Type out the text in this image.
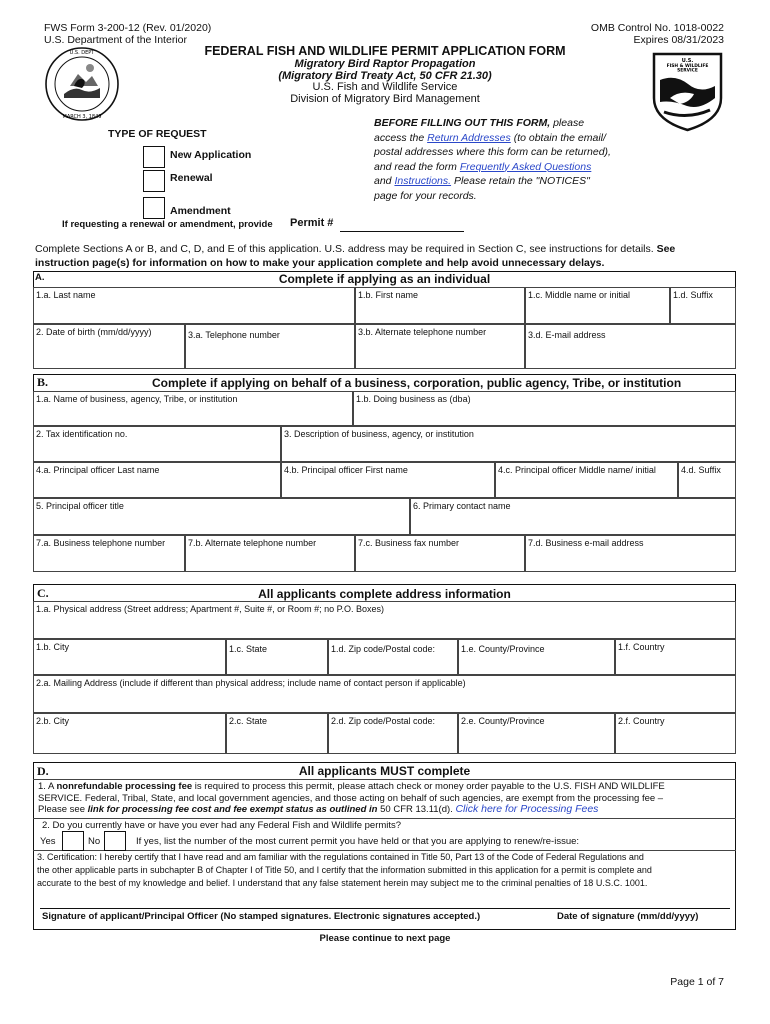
FWS Form 3-200-12 (Rev. 01/2020)
U.S. Department of the Interior
OMB Control No. 1018-0022
Expires 08/31/2023
U.S. DEPT
MARCH 3, 1849
U.S.
FISH & WILDLIFE
SERVICE
FEDERAL FISH AND WILDLIFE PERMIT APPLICATION FORM
Migratory Bird Raptor Propagation
(Migratory Bird Treaty Act, 50 CFR 21.30)
U.S. Fish and Wildlife Service
Division of Migratory Bird Management
TYPE OF REQUEST
New Application
Renewal
Amendment
If requesting a renewal or amendment, provide Permit #
BEFORE FILLING OUT THIS FORM, please
access the Return Addresses (to obtain the email/
postal addresses where this form can be returned),
and read the form Frequently Asked Questions
and Instructions. Please retain the "NOTICES"
page for your records.
Complete Sections A or B, and C, D, and E of this application. U.S. address may be required in Section C, see instructions for details. See
instruction page(s) for information on how to make your application complete and help avoid unnecessary delays.
A.	Complete if applying as an individual
1.a. Last name	1.b. First name	1.c. Middle name or initial	1.d. Suffix
2. Date of birth (mm/dd/yyyy)	3.a. Telephone number	3.b. Alternate telephone number	3.d. E-mail address
B.	Complete if applying on behalf of a business, corporation, public agency, Tribe, or institution
1.a. Name of business, agency, Tribe, or institution	1.b. Doing business as (dba)
2. Tax identification no.	3. Description of business, agency, or institution
4.a. Principal officer Last name	4.b. Principal officer First name	4.c. Principal officer Middle name/ initial	4.d. Suffix
5. Principal officer title	6. Primary contact name
7.a. Business telephone number	7.b. Alternate telephone number	7.c. Business fax number	7.d. Business e-mail address
C.	All applicants complete address information
1.a. Physical address (Street address; Apartment #, Suite #, or Room #; no P.O. Boxes)
1.b. City	1.c. State	1.d. Zip code/Postal code:	1.e. County/Province	1.f. Country
2.a. Mailing Address (include if different than physical address; include name of contact person if applicable)
2.b. City	2.c. State	2.d. Zip code/Postal code:	2.e. County/Province	2.f. Country
D.	All applicants MUST complete
1. A nonrefundable processing fee is required to process this permit, please attach check or money order payable to the U.S. FISH AND WILDLIFE
SERVICE. Federal, Tribal, State, and local government agencies, and those acting on behalf of such agencies, are exempt from the processing fee –
Please see link for processing fee cost and fee exempt status as outlined in 50 CFR 13.11(d). Click here for Processing Fees
2. Do you currently have or have you ever had any Federal Fish and Wildlife permits?
Yes	No	If yes, list the number of the most current permit you have held or that you are applying to renew/re-issue:
3. Certification: I hereby certify that I have read and am familiar with the regulations contained in Title 50, Part 13 of the Code of Federal Regulations and
the other applicable parts in subchapter B of Chapter I of Title 50, and I certify that the information submitted in this application for a permit is complete and
accurate to the best of my knowledge and belief. I understand that any false statement herein may subject me to the criminal penalties of 18 U.S.C. 1001.
Signature of applicant/Principal Officer (No stamped signatures. Electronic signatures accepted.)	Date of signature (mm/dd/yyyy)
Please continue to next page
Page 1 of 7
